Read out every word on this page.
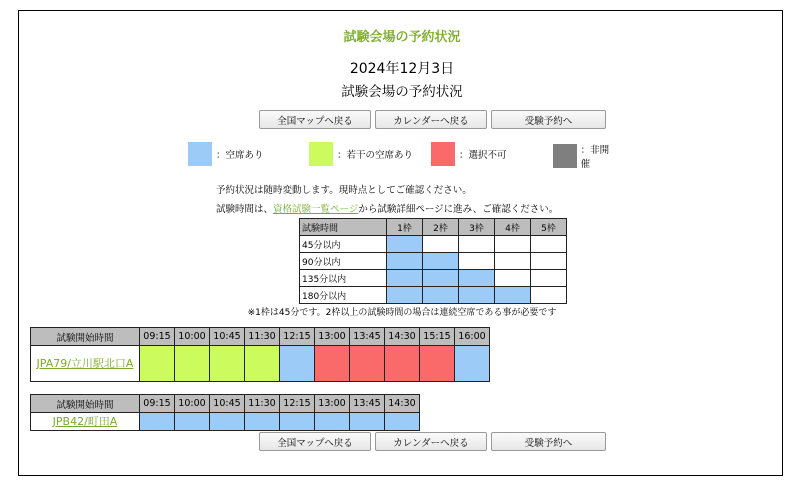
試験会場の予約状況
2024年12月3日
試験会場の予約状況
全国マップへ戻る	カレンダーへ戻る	受験予約へ
：空席あり	：若干の空席あり	：選択不可	：非開催
予約状況は随時変動します。現時点としてご確認ください。
試験時間は、資格試験一覧ページから試験詳細ページに進み、ご確認ください。
試験時間	1枠	2枠	3枠	4枠	5枠
45分以内					
90分以内					
135分以内					
180分以内					
※1枠は45分です。2枠以上の試験時間の場合は連続空席である事が必要です
試験開始時間	09:15	10:00	10:45	11:30	12:15	13:00	13:45	14:30	15:15	16:00
JPA79/立川駅北口A										
試験開始時間	09:15	10:00	10:45	11:30	12:15	13:00	13:45	14:30
JPB42/町田A								
全国マップへ戻る	カレンダーへ戻る	受験予約へ
